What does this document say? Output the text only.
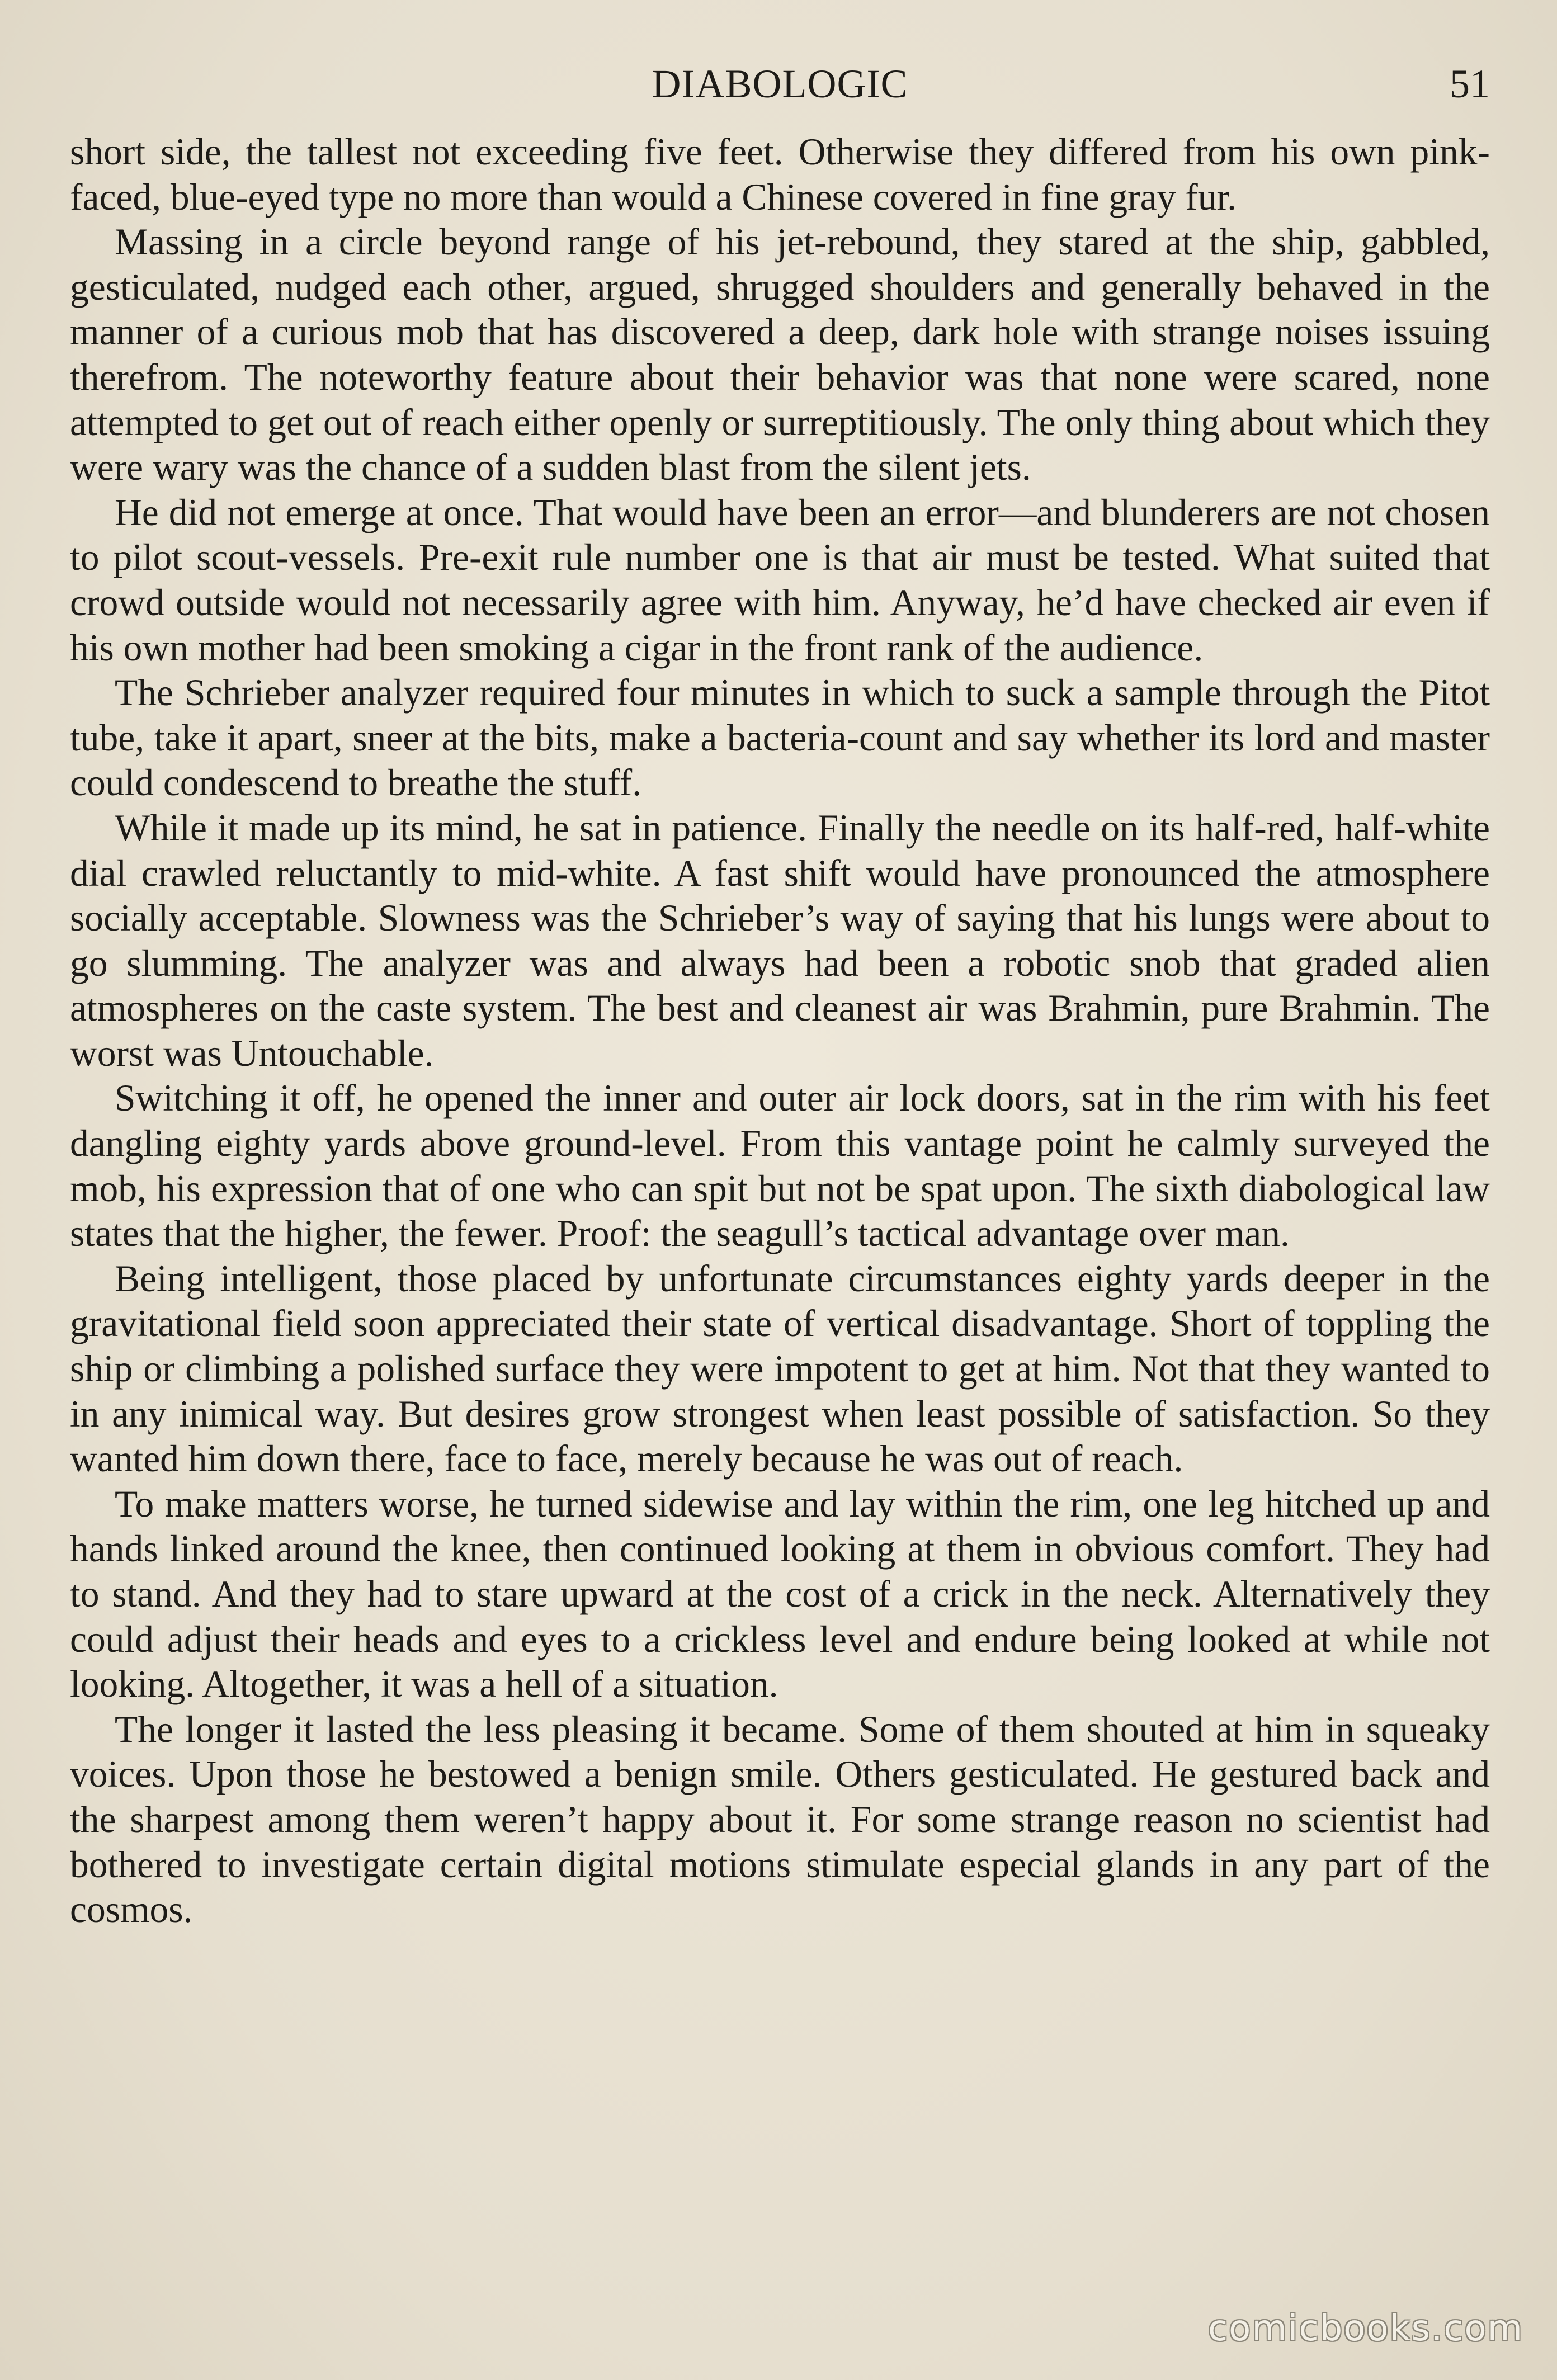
DIABOLOGIC	51

short side, the tallest not exceeding five feet. Otherwise they differed from his own pink-faced, blue-eyed type no more than would a Chinese covered in fine gray fur.

Massing in a circle beyond range of his jet-rebound, they stared at the ship, gabbled, gesticulated, nudged each other, argued, shrugged shoulders and generally behaved in the manner of a curious mob that has discovered a deep, dark hole with strange noises issuing therefrom. The noteworthy feature about their behavior was that none were scared, none attempted to get out of reach either openly or surreptitiously. The only thing about which they were wary was the chance of a sudden blast from the silent jets.

He did not emerge at once. That would have been an error—and blunderers are not chosen to pilot scout-vessels. Pre-exit rule number one is that air must be tested. What suited that crowd outside would not necessarily agree with him. Anyway, he’d have checked air even if his own mother had been smoking a cigar in the front rank of the audience.

The Schrieber analyzer required four minutes in which to suck a sample through the Pitot tube, take it apart, sneer at the bits, make a bacteria-count and say whether its lord and master could condescend to breathe the stuff.

While it made up its mind, he sat in patience. Finally the needle on its half-red, half-white dial crawled reluctantly to mid-white. A fast shift would have pronounced the atmosphere socially acceptable. Slowness was the Schrieber’s way of saying that his lungs were about to go slumming. The analyzer was and always had been a robotic snob that graded alien atmospheres on the caste system. The best and cleanest air was Brahmin, pure Brahmin. The worst was Untouchable.

Switching it off, he opened the inner and outer air lock doors, sat in the rim with his feet dangling eighty yards above ground-level. From this vantage point he calmly surveyed the mob, his expression that of one who can spit but not be spat upon. The sixth diabological law states that the higher, the fewer. Proof: the seagull’s tactical advantage over man.

Being intelligent, those placed by unfortunate circumstances eighty yards deeper in the gravitational field soon appreciated their state of vertical disadvantage. Short of toppling the ship or climbing a polished surface they were impotent to get at him. Not that they wanted to in any inimical way. But desires grow strongest when least possible of satisfaction. So they wanted him down there, face to face, merely because he was out of reach.

To make matters worse, he turned sidewise and lay within the rim, one leg hitched up and hands linked around the knee, then continued looking at them in obvious comfort. They had to stand. And they had to stare upward at the cost of a crick in the neck. Alternatively they could adjust their heads and eyes to a crickless level and endure being looked at while not looking. Altogether, it was a hell of a situation.

The longer it lasted the less pleasing it became. Some of them shouted at him in squeaky voices. Upon those he bestowed a benign smile. Others gesticulated. He gestured back and the sharpest among them weren’t happy about it. For some strange reason no scientist had bothered to investigate certain digital motions stimulate especial glands in any part of the cosmos.

comicbooks.com
